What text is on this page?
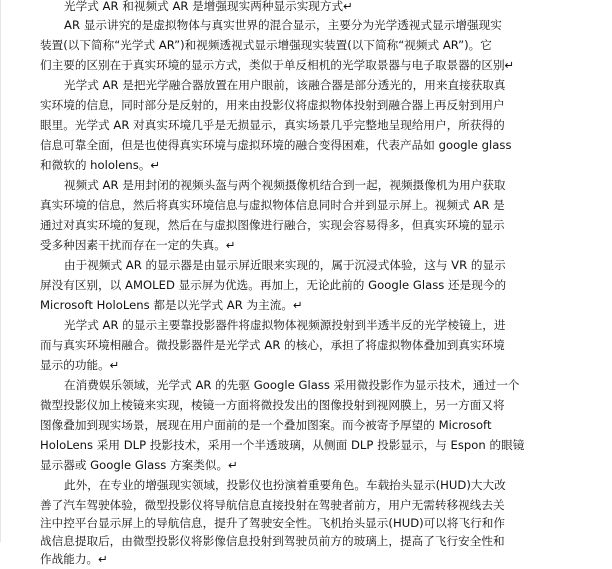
光学式 AR 和视频式 AR 是增强现实两种显示实现方式↵
AR 显示讲究的是虚拟物体与真实世界的混合显示，主要分为光学透视式显示增强现实
装置(以下简称“光学式 AR”)和视频透视式显示增强现实装置(以下简称“视频式 AR”)。它
们主要的区别在于真实环境的显示方式，类似于单反相机的光学取景器与电子取景器的区别↵
光学式 AR 是把光学融合器放置在用户眼前，该融合器是部分透光的，用来直接获取真
实环境的信息，同时部分是反射的，用来由投影仪将虚拟物体投射到融合器上再反射到用户
眼里。光学式 AR 对真实环境几乎是无损显示，真实场景几乎完整地呈现给用户，所获得的
信息可靠全面，但是也使得真实环境与虚拟环境的融合变得困难，代表产品如 google glass
和微软的 hololens。↵
视频式 AR 是用封闭的视频头盔与两个视频摄像机结合到一起，视频摄像机为用户获取
真实环境的信息，然后将真实环境信息与虚拟物体信息同时合并到显示屏上。视频式 AR 是
通过对真实环境的复现，然后在与虚拟图像进行融合，实现会容易得多，但真实环境的显示
受多种因素干扰而存在一定的失真。↵
由于视频式 AR 的显示器是由显示屏近眼来实现的，属于沉浸式体验，这与 VR 的显示
屏没有区别，以 AMOLED 显示屏为优选。再加上，无论此前的 Google Glass 还是现今的
Microsoft HoloLens 都是以光学式 AR 为主流。↵
光学式 AR 的显示主要靠投影器件将虚拟物体视频源投射到半透半反的光学棱镜上，进
而与真实环境相融合。微投影器件是光学式 AR 的核心，承担了将虚拟物体叠加到真实环境
显示的功能。↵
在消费娱乐领域，光学式 AR 的先驱 Google Glass 采用微投影作为显示技术，通过一个
微型投影仪加上棱镜来实现，棱镜一方面将微投发出的图像投射到视网膜上，另一方面又将
图像叠加到现实场景，展现在用户面前的是一个叠加图案。而今被寄予厚望的 Microsoft
HoloLens 采用 DLP 投影技术，采用一个半透玻璃，从侧面 DLP 投影显示，与 Espon 的眼镜
显示器或 Google Glass 方案类似。↵
此外，在专业的增强现实领域，投影仪也扮演着重要角色。车载抬头显示(HUD)大大改
善了汽车驾驶体验，微型投影仪将导航信息直接投射在驾驶者前方，用户无需转移视线去关
注中控平台显示屏上的导航信息，提升了驾驶安全性。飞机抬头显示(HUD)可以将飞行和作
战信息提取后，由微型投影仪将影像信息投射到驾驶员前方的玻璃上，提高了飞行安全性和
作战能力。↵
